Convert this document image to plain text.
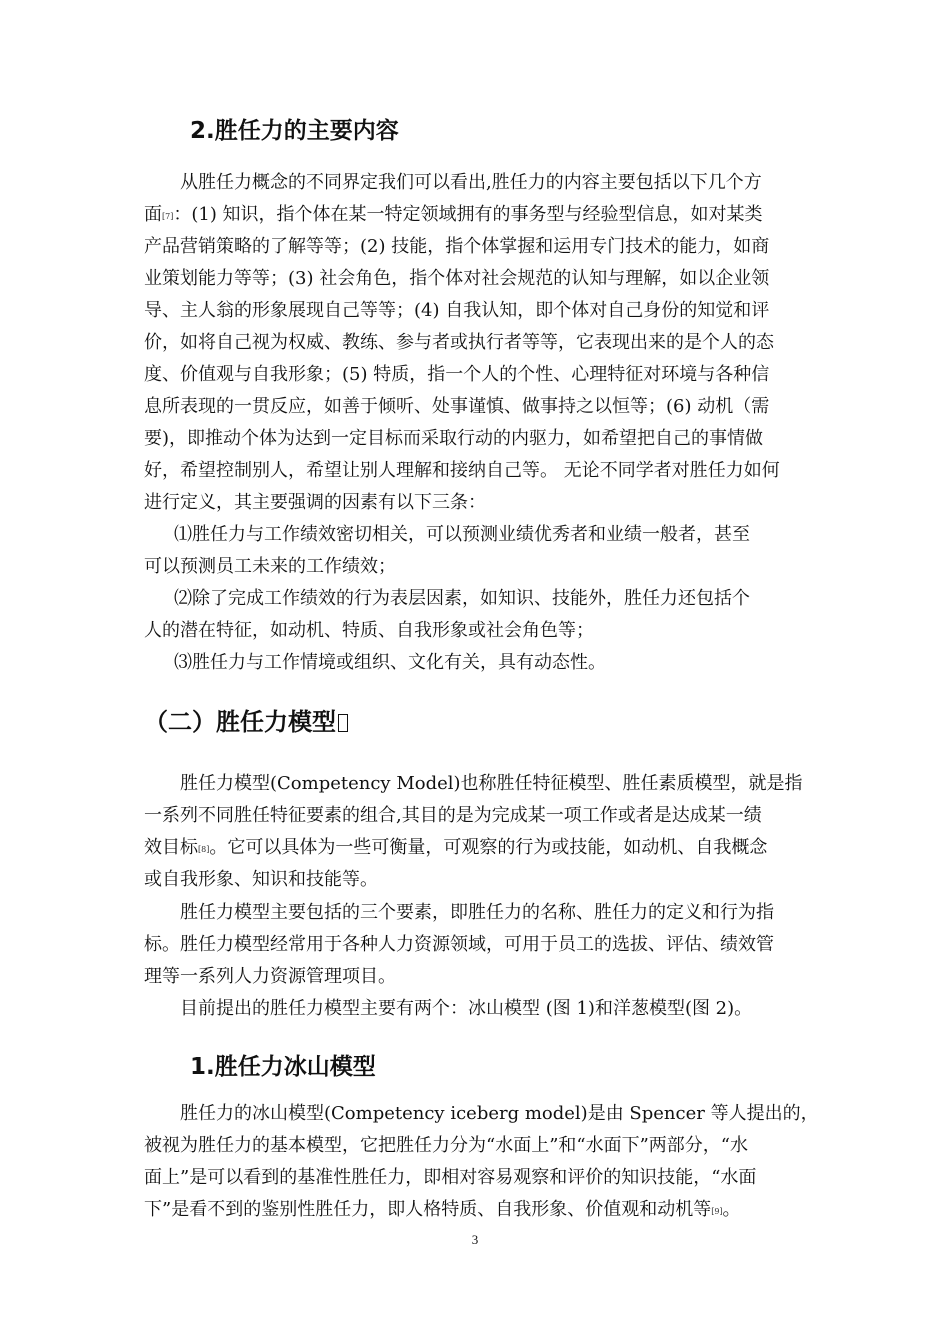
2.胜任力的主要内容
从胜任力概念的不同界定我们可以看出,胜任力的内容主要包括以下几个方
面[7]：(1) 知识，指个体在某一特定领域拥有的事务型与经验型信息，如对某类
产品营销策略的了解等等；(2) 技能，指个体掌握和运用专门技术的能力，如商
业策划能力等等；(3) 社会角色，指个体对社会规范的认知与理解，如以企业领
导、主人翁的形象展现自己等等；(4) 自我认知，即个体对自己身份的知觉和评
价，如将自己视为权威、教练、参与者或执行者等等，它表现出来的是个人的态
度、价值观与自我形象；(5) 特质，指一个人的个性、心理特征对环境与各种信
息所表现的一贯反应，如善于倾听、处事谨慎、做事持之以恒等；(6) 动机（需
要)，即推动个体为达到一定目标而采取行动的内驱力，如希望把自己的事情做
好，希望控制别人，希望让别人理解和接纳自己等。 无论不同学者对胜任力如何
进行定义，其主要强调的因素有以下三条：
⑴胜任力与工作绩效密切相关，可以预测业绩优秀者和业绩一般者，甚至
可以预测员工未来的工作绩效；
⑵除了完成工作绩效的行为表层因素，如知识、技能外，胜任力还包括个
人的潜在特征，如动机、特质、自我形象或社会角色等；
⑶胜任力与工作情境或组织、文化有关，具有动态性。
（二）胜任力模型
胜任力模型(Competency Model)也称胜任特征模型、胜任素质模型，就是指
一系列不同胜任特征要素的组合,其目的是为完成某一项工作或者是达成某一绩
效目标[8]。它可以具体为一些可衡量，可观察的行为或技能，如动机、自我概念
或自我形象、知识和技能等。
胜任力模型主要包括的三个要素，即胜任力的名称、胜任力的定义和行为指
标。胜任力模型经常用于各种人力资源领域，可用于员工的选拔、评估、绩效管
理等一系列人力资源管理项目。
目前提出的胜任力模型主要有两个：冰山模型 (图 1)和洋葱模型(图 2)。
1.胜任力冰山模型
胜任力的冰山模型(Competency iceberg model)是由 Spencer 等人提出的，
被视为胜任力的基本模型，它把胜任力分为“水面上”和“水面下”两部分，“水
面上”是可以看到的基准性胜任力，即相对容易观察和评价的知识技能，“水面
下”是看不到的鉴别性胜任力，即人格特质、自我形象、价值观和动机等[9]。
3
